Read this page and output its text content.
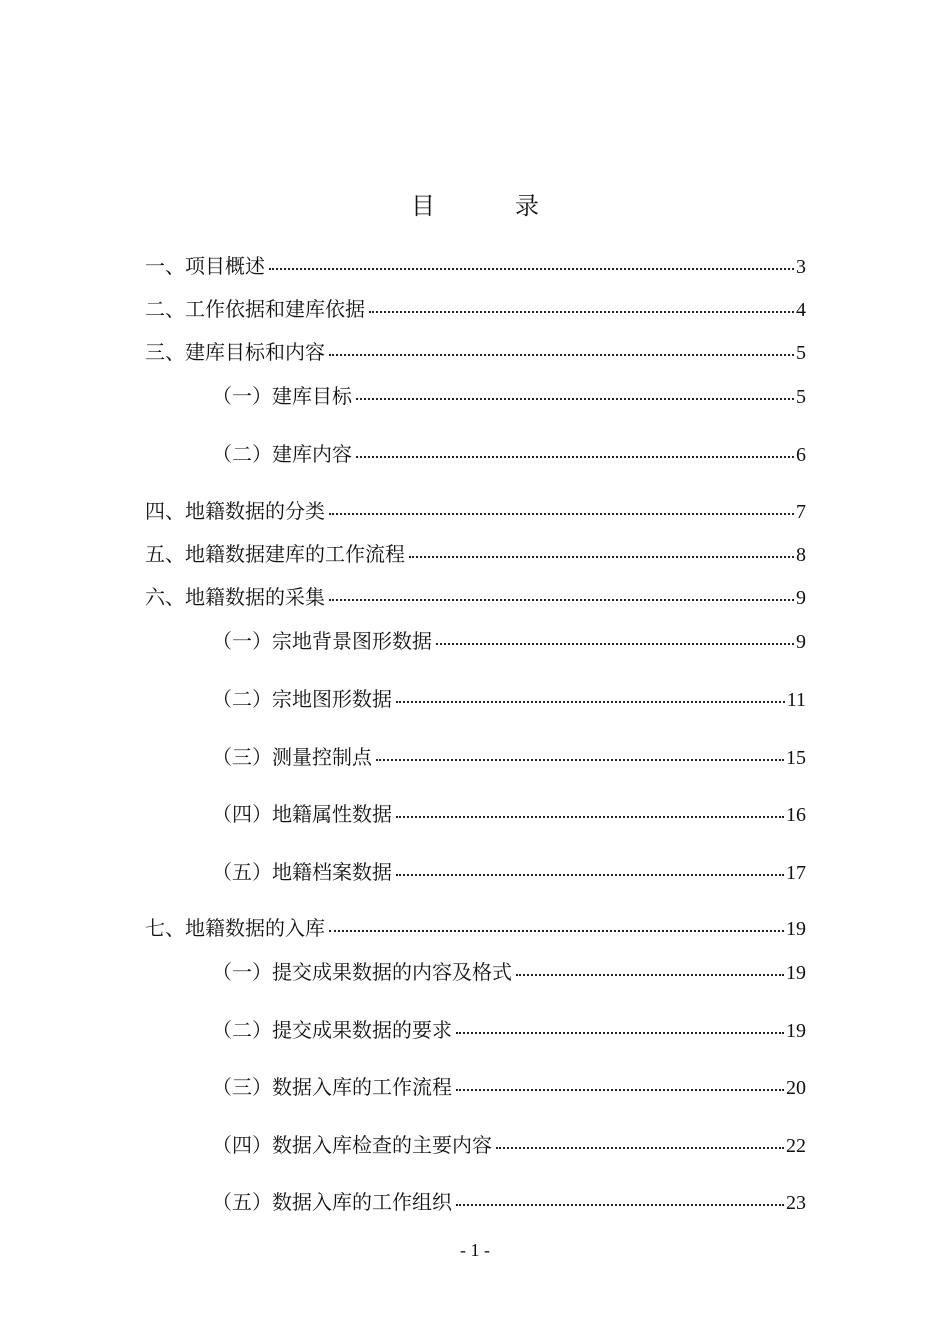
目	录
一、项目概述	3
二、工作依据和建库依据	4
三、建库目标和内容	5
（一）建库目标	5
（二）建库内容	6
四、地籍数据的分类	7
五、地籍数据建库的工作流程	8
六、地籍数据的采集	9
（一）宗地背景图形数据	9
（二）宗地图形数据	11
（三）测量控制点	15
（四）地籍属性数据	16
（五）地籍档案数据	17
七、地籍数据的入库	19
（一）提交成果数据的内容及格式	19
（二）提交成果数据的要求	19
（三）数据入库的工作流程	20
（四）数据入库检查的主要内容	22
（五）数据入库的工作组织	23
- 1 -
